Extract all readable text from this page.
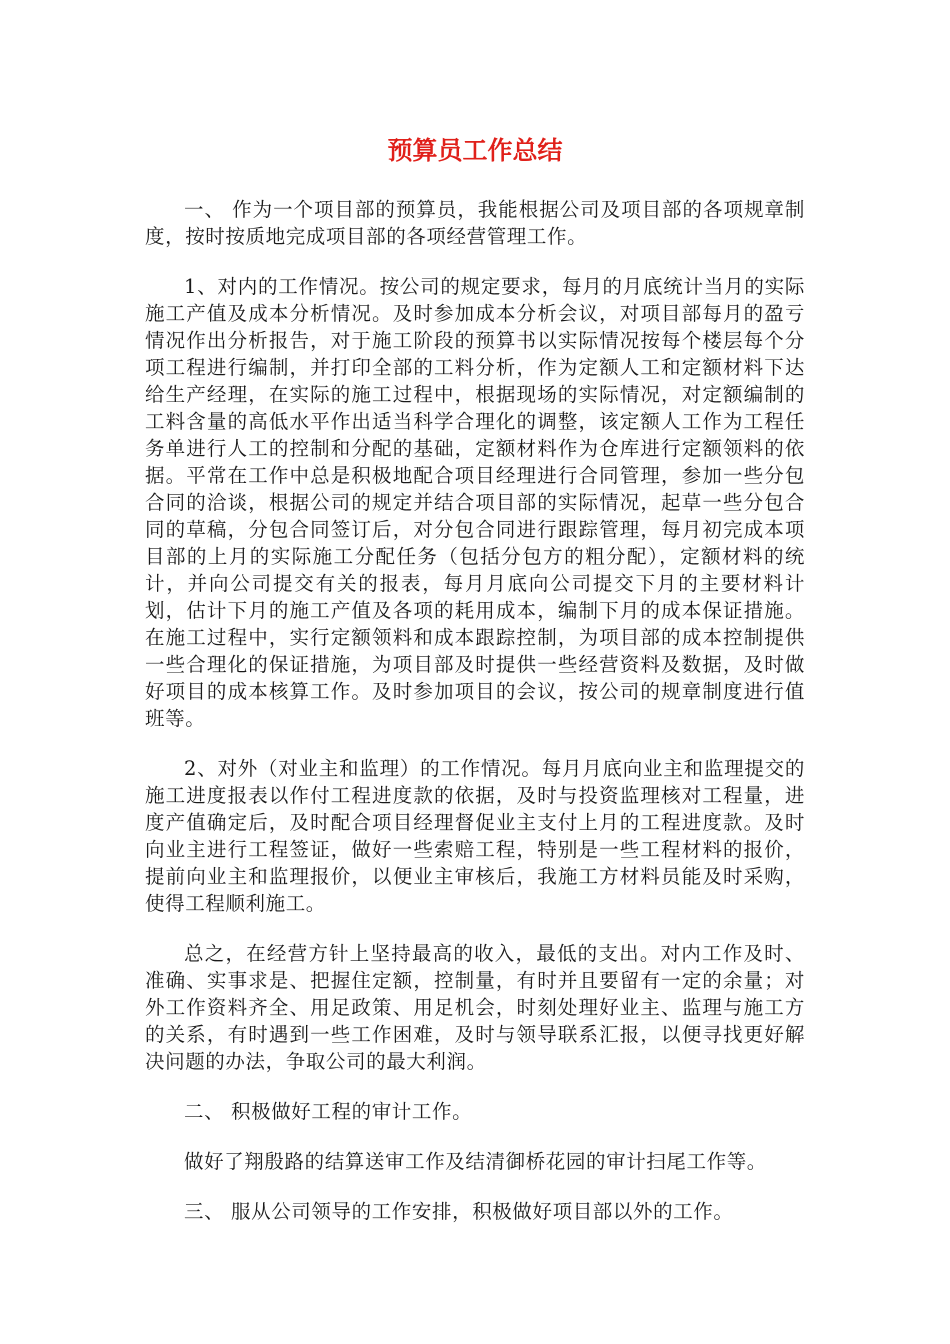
预算员工作总结

一、 作为一个项目部的预算员，我能根据公司及项目部的各项规章制度，按时按质地完成项目部的各项经营管理工作。

1、对内的工作情况。按公司的规定要求，每月的月底统计当月的实际施工产值及成本分析情况。及时参加成本分析会议，对项目部每月的盈亏情况作出分析报告，对于施工阶段的预算书以实际情况按每个楼层每个分项工程进行编制，并打印全部的工料分析，作为定额人工和定额材料下达给生产经理，在实际的施工过程中，根据现场的实际情况，对定额编制的工料含量的高低水平作出适当科学合理化的调整，该定额人工作为工程任务单进行人工的控制和分配的基础，定额材料作为仓库进行定额领料的依据。平常在工作中总是积极地配合项目经理进行合同管理，参加一些分包合同的洽谈，根据公司的规定并结合项目部的实际情况，起草一些分包合同的草稿，分包合同签订后，对分包合同进行跟踪管理，每月初完成本项目部的上月的实际施工分配任务（包括分包方的粗分配），定额材料的统计，并向公司提交有关的报表，每月月底向公司提交下月的主要材料计划，估计下月的施工产值及各项的耗用成本，编制下月的成本保证措施。在施工过程中，实行定额领料和成本跟踪控制，为项目部的成本控制提供一些合理化的保证措施，为项目部及时提供一些经营资料及数据，及时做好项目的成本核算工作。及时参加项目的会议，按公司的规章制度进行值班等。

2、对外（对业主和监理）的工作情况。每月月底向业主和监理提交的施工进度报表以作付工程进度款的依据，及时与投资监理核对工程量，进度产值确定后，及时配合项目经理督促业主支付上月的工程进度款。及时向业主进行工程签证，做好一些索赔工程，特别是一些工程材料的报价，提前向业主和监理报价，以便业主审核后，我施工方材料员能及时采购，使得工程顺利施工。

总之，在经营方针上坚持最高的收入，最低的支出。对内工作及时、准确、实事求是、把握住定额，控制量，有时并且要留有一定的余量；对外工作资料齐全、用足政策、用足机会，时刻处理好业主、监理与施工方的关系，有时遇到一些工作困难，及时与领导联系汇报，以便寻找更好解决问题的办法，争取公司的最大利润。

二、 积极做好工程的审计工作。

做好了翔殷路的结算送审工作及结清御桥花园的审计扫尾工作等。

三、 服从公司领导的工作安排，积极做好项目部以外的工作。
